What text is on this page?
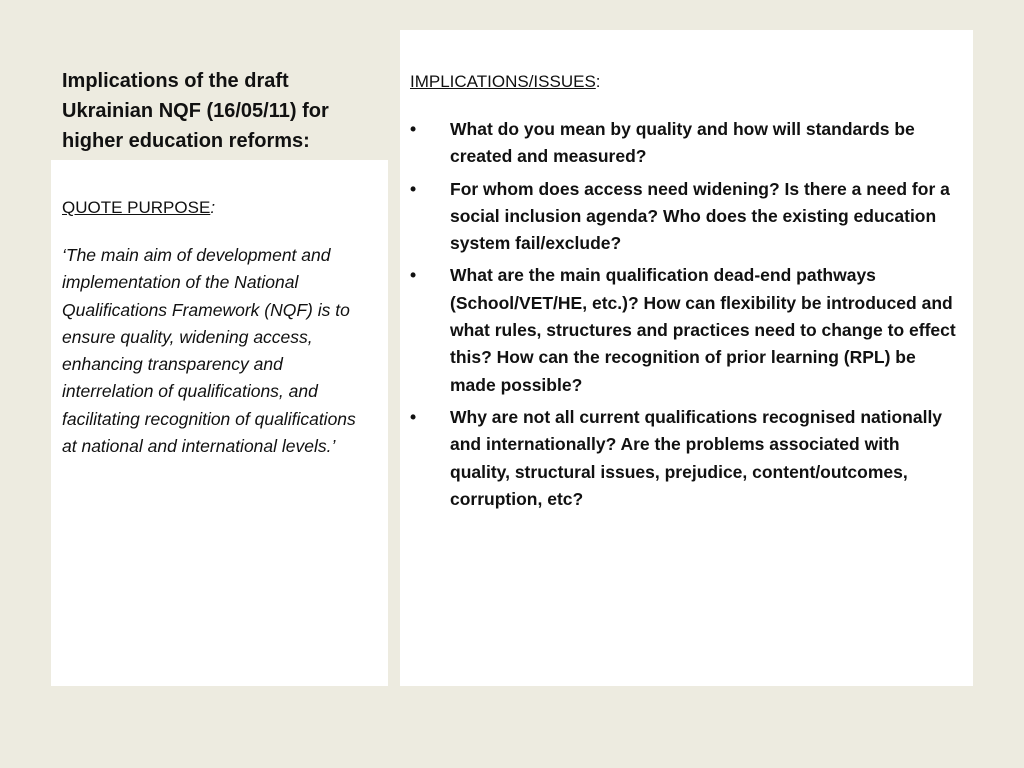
Implications of the draft Ukrainian NQF (16/05/11) for higher education reforms:

QUOTE PURPOSE:

‘The main aim of development and implementation of the National Qualifications Framework (NQF) is to ensure quality, widening access, enhancing transparency and interrelation of qualifications, and facilitating recognition of qualifications at national and international levels.’

IMPLICATIONS/ISSUES:

• What do you mean by quality and how will standards be created and measured?
• For whom does access need widening? Is there a need for a social inclusion agenda? Who does the existing education system fail/exclude?
• What are the main qualification dead-end pathways (School/VET/HE, etc.)? How can flexibility be introduced and what rules, structures and practices need to change to effect this? How can the recognition of prior learning (RPL) be made possible?
• Why are not all current qualifications recognised nationally and internationally? Are the problems associated with quality, structural issues, prejudice, content/outcomes, corruption, etc?
